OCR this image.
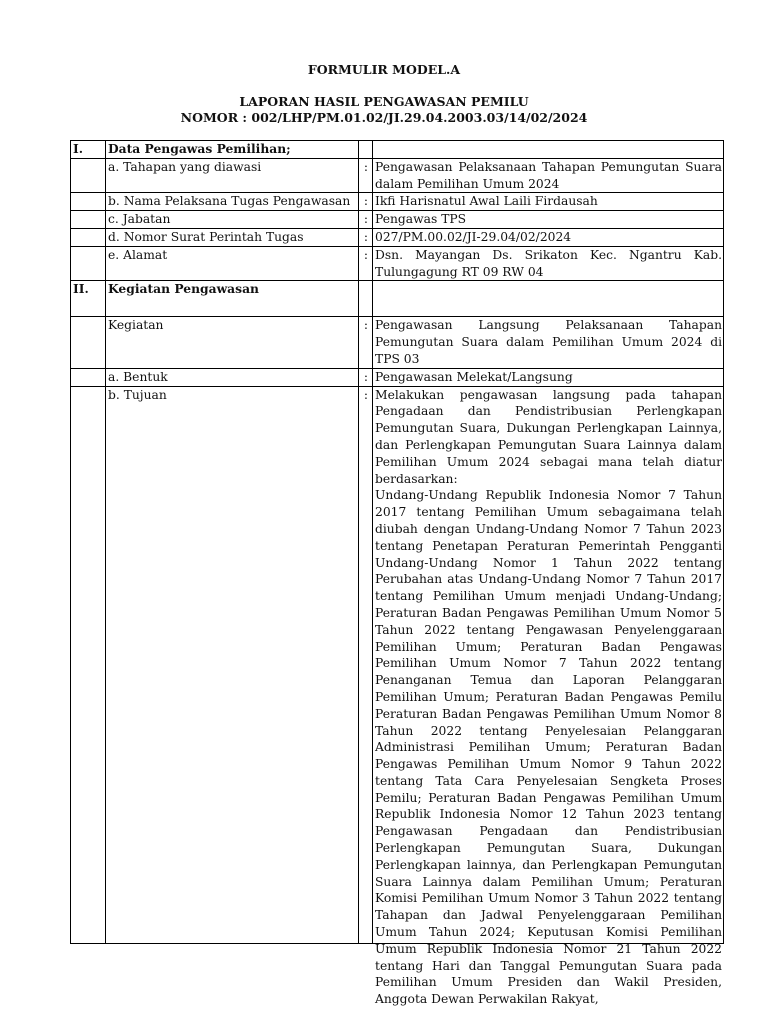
FORMULIR MODEL.A
LAPORAN HASIL PENGAWASAN PEMILU
NOMOR : 002/LHP/PM.01.02/JI.29.04.2003.03/14/02/2024
I.	Data Pengawas Pemilihan;		
	a. Tahapan yang diawasi	:	Pengawasan Pelaksanaan Tahapan Pemungutan Suara dalam Pemilihan Umum 2024
	b. Nama Pelaksana Tugas Pengawasan	:	Ikfi Harisnatul Awal Laili Firdausah
	c. Jabatan	:	Pengawas TPS
	d. Nomor Surat Perintah Tugas	:	027/PM.00.02/JI-29.04/02/2024
	e. Alamat	:	Dsn. Mayangan Ds. Srikaton Kec. Ngantru Kab. Tulungagung RT 09 RW 04
II.	Kegiatan Pengawasan		
	Kegiatan	:	Pengawasan Langsung Pelaksanaan Tahapan Pemungutan Suara dalam Pemilihan Umum 2024 di TPS 03
	a. Bentuk	:	Pengawasan Melekat/Langsung
	b. Tujuan	:	Melakukan pengawasan langsung pada tahapan Pengadaan dan Pendistribusian Perlengkapan Pemungutan Suara, Dukungan Perlengkapan Lainnya, dan Perlengkapan Pemungutan Suara Lainnya dalam Pemilihan Umum 2024 sebagai mana telah diatur berdasarkan:

Undang-Undang Republik Indonesia Nomor 7 Tahun 2017 tentang Pemilihan Umum sebagaimana telah diubah dengan Undang-Undang Nomor 7 Tahun 2023 tentang Penetapan Peraturan Pemerintah Pengganti Undang-Undang Nomor 1 Tahun 2022 tentang Perubahan atas Undang-Undang Nomor 7 Tahun 2017 tentang Pemilihan Umum menjadi Undang-Undang; Peraturan Badan Pengawas Pemilihan Umum Nomor 5 Tahun 2022 tentang Pengawasan Penyelenggaraan Pemilihan Umum; Peraturan Badan Pengawas Pemilihan Umum Nomor 7 Tahun 2022 tentang Penanganan Temua dan Laporan Pelanggaran Pemilihan Umum; Peraturan Badan Pengawas Pemilu Peraturan Badan Pengawas Pemilihan Umum Nomor 8 Tahun 2022 tentang Penyelesaian Pelanggaran Administrasi Pemilihan Umum; Peraturan Badan Pengawas Pemilihan Umum Nomor 9 Tahun 2022 tentang Tata Cara Penyelesaian Sengketa Proses Pemilu; Peraturan Badan Pengawas Pemilihan Umum Republik Indonesia Nomor 12 Tahun 2023 tentang Pengawasan Pengadaan dan Pendistribusian Perlengkapan Pemungutan Suara, Dukungan Perlengkapan lainnya, dan Perlengkapan Pemungutan Suara Lainnya dalam Pemilihan Umum; Peraturan Komisi Pemilihan Umum Nomor 3 Tahun 2022 tentang Tahapan dan Jadwal Penyelenggaraan Pemilihan Umum Tahun 2024; Keputusan Komisi Pemilihan Umum Republik Indonesia Nomor 21 Tahun 2022 tentang Hari dan Tanggal Pemungutan Suara pada Pemilihan Umum Presiden dan Wakil Presiden, Anggota Dewan Perwakilan Rakyat,
